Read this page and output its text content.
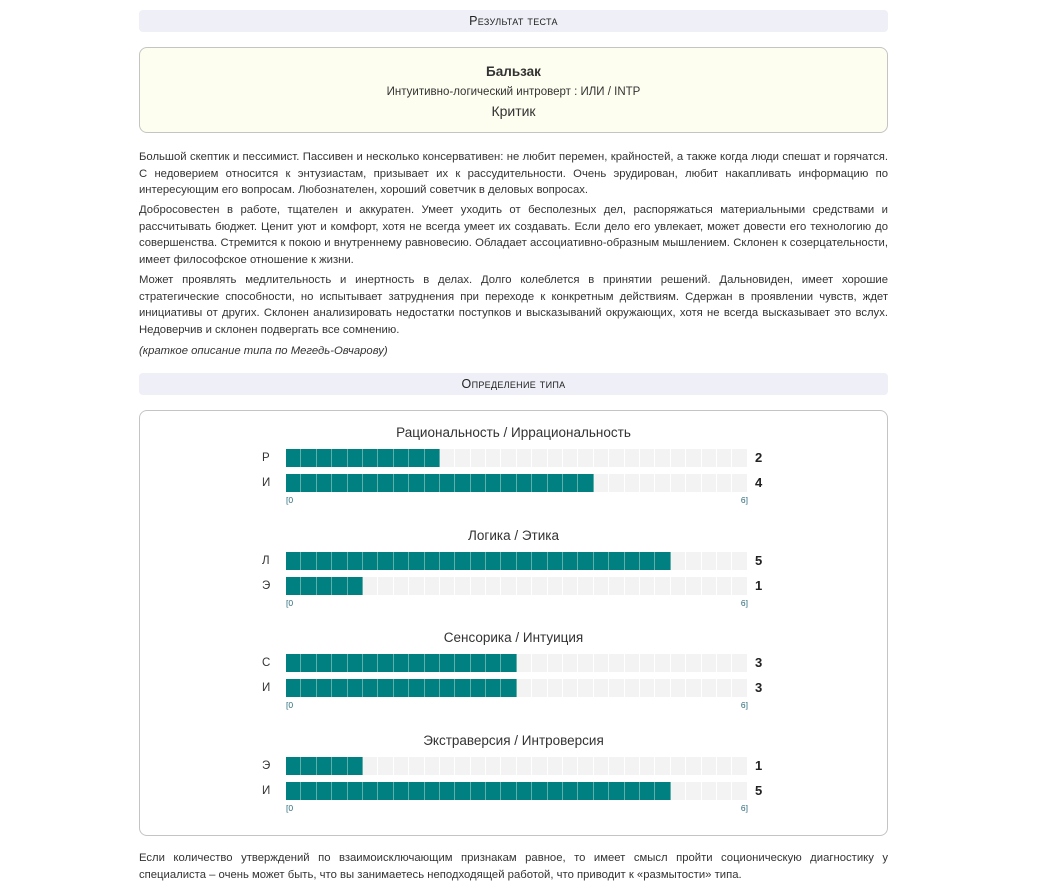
Результат теста
Бальзак
Интуитивно-логический интроверт : ИЛИ / INTP
Критик

Большой скептик и пессимист. Пассивен и несколько консервативен: не любит перемен, крайностей, а также когда люди спешат и горячатся. С недоверием относится к энтузиастам, призывает их к рассудительности. Очень эрудирован, любит накапливать информацию по интересующим его вопросам. Любознателен, хороший советчик в деловых вопросах.

Добросовестен в работе, тщателен и аккуратен. Умеет уходить от бесполезных дел, распоряжаться материальными средствами и рассчитывать бюджет. Ценит уют и комфорт, хотя не всегда умеет их создавать. Если дело его увлекает, может довести его технологию до совершенства. Стремится к покою и внутреннему равновесию. Обладает ассоциативно-образным мышлением. Склонен к созерцательности, имеет философское отношение к жизни.

Может проявлять медлительность и инертность в делах. Долго колеблется в принятии решений. Дальновиден, имеет хорошие стратегические способности, но испытывает затруднения при переходе к конкретным действиям. Сдержан в проявлении чувств, ждет инициативы от других. Склонен анализировать недостатки поступков и высказываний окружающих, хотя не всегда высказывает это вслух. Недоверчив и склонен подвергать все сомнению.

(краткое описание типа по Мегедь-Овчарову)

Определение типа
Рациональность / Иррациональность
Р	2
И	4
[0	6]
Логика / Этика
Л	5
Э	1
[0	6]
Сенсорика / Интуиция
С	3
И	3
[0	6]
Экстраверсия / Интроверсия
Э	1
И	5
[0	6]
Если количество утверждений по взаимоисключающим признакам равное, то имеет смысл пройти соционическую диагностику у специалиста – очень может быть, что вы занимаетесь неподходящей работой, что приводит к «размытости» типа.
